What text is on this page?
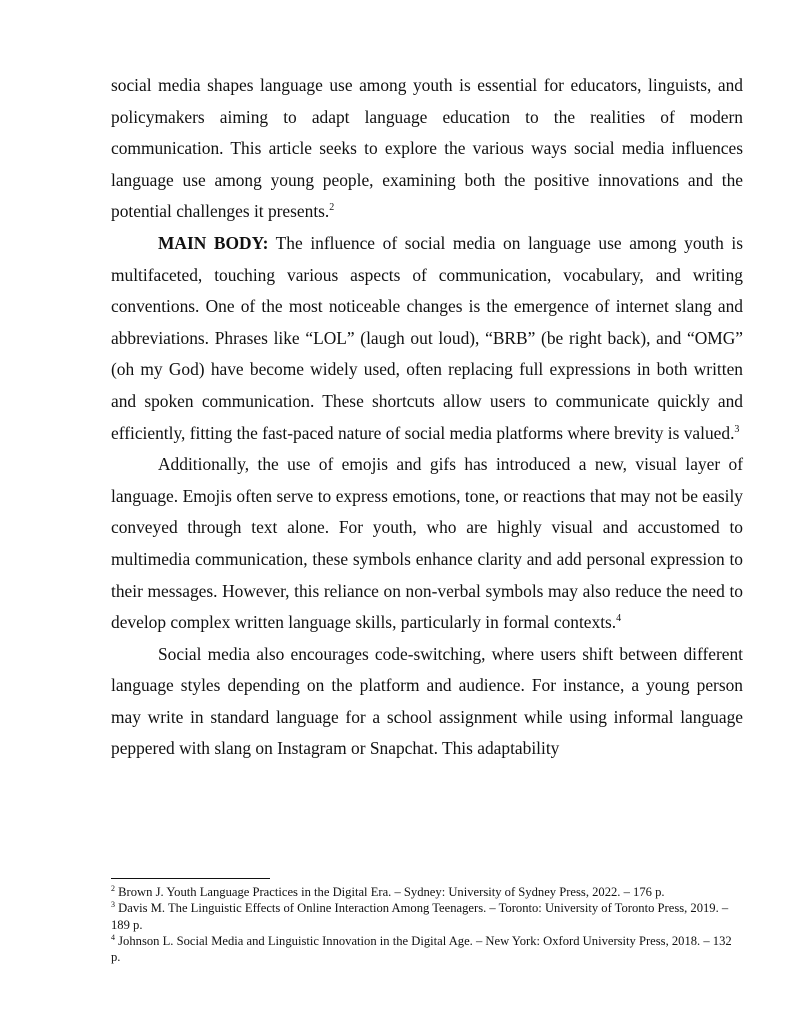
social media shapes language use among youth is essential for educators, linguists, and policymakers aiming to adapt language education to the realities of modern communication. This article seeks to explore the various ways social media influences language use among young people, examining both the positive innovations and the potential challenges it presents.$^2$

MAIN BODY: The influence of social media on language use among youth is multifaceted, touching various aspects of communication, vocabulary, and writing conventions. One of the most noticeable changes is the emergence of internet slang and abbreviations. Phrases like “LOL” (laugh out loud), “BRB” (be right back), and “OMG” (oh my God) have become widely used, often replacing full expressions in both written and spoken communication. These shortcuts allow users to communicate quickly and efficiently, fitting the fast-paced nature of social media platforms where brevity is valued.$^3$

Additionally, the use of emojis and gifs has introduced a new, visual layer of language. Emojis often serve to express emotions, tone, or reactions that may not be easily conveyed through text alone. For youth, who are highly visual and accustomed to multimedia communication, these symbols enhance clarity and add personal expression to their messages. However, this reliance on non-verbal symbols may also reduce the need to develop complex written language skills, particularly in formal contexts.$^4$

Social media also encourages code-switching, where users shift between different language styles depending on the platform and audience. For instance, a young person may write in standard language for a school assignment while using informal language peppered with slang on Instagram or Snapchat. This adaptability

$^2$ Brown J. Youth Language Practices in the Digital Era. – Sydney: University of Sydney Press, 2022. – 176 p.

$^3$ Davis M. The Linguistic Effects of Online Interaction Among Teenagers. – Toronto: University of Toronto Press, 2019. – 189 p.

$^4$ Johnson L. Social Media and Linguistic Innovation in the Digital Age. – New York: Oxford University Press, 2018. – 132 p.
